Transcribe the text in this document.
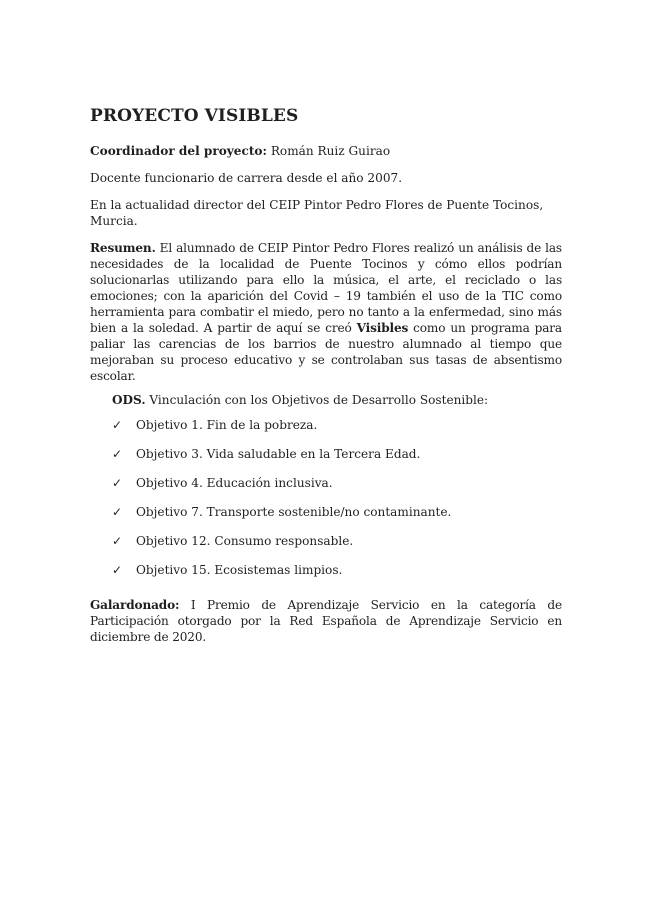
PROYECTO VISIBLES

Coordinador del proyecto: Román Ruiz Guirao

Docente funcionario de carrera desde el año 2007.

En la actualidad director del CEIP Pintor Pedro Flores de Puente Tocinos, Murcia.

Resumen. El alumnado de CEIP Pintor Pedro Flores realizó un análisis de las necesidades de la localidad de Puente Tocinos y cómo ellos podrían solucionarlas utilizando para ello la música, el arte, el reciclado o las emociones; con la aparición del Covid – 19 también el uso de la TIC como herramienta para combatir el miedo, pero no tanto a la enfermedad, sino más bien a la soledad. A partir de aquí se creó Visibles como un programa para paliar las carencias de los barrios de nuestro alumnado al tiempo que mejoraban su proceso educativo y se controlaban sus tasas de absentismo escolar.

ODS. Vinculación con los Objetivos de Desarrollo Sostenible:

✓	Objetivo 1. Fin de la pobreza.
✓	Objetivo 3. Vida saludable en la Tercera Edad.
✓	Objetivo 4. Educación inclusiva.
✓	Objetivo 7. Transporte sostenible/no contaminante.
✓	Objetivo 12. Consumo responsable.
✓	Objetivo 15. Ecosistemas limpios.

Galardonado: I Premio de Aprendizaje Servicio en la categoría de Participación otorgado por la Red Española de Aprendizaje Servicio en diciembre de 2020.
